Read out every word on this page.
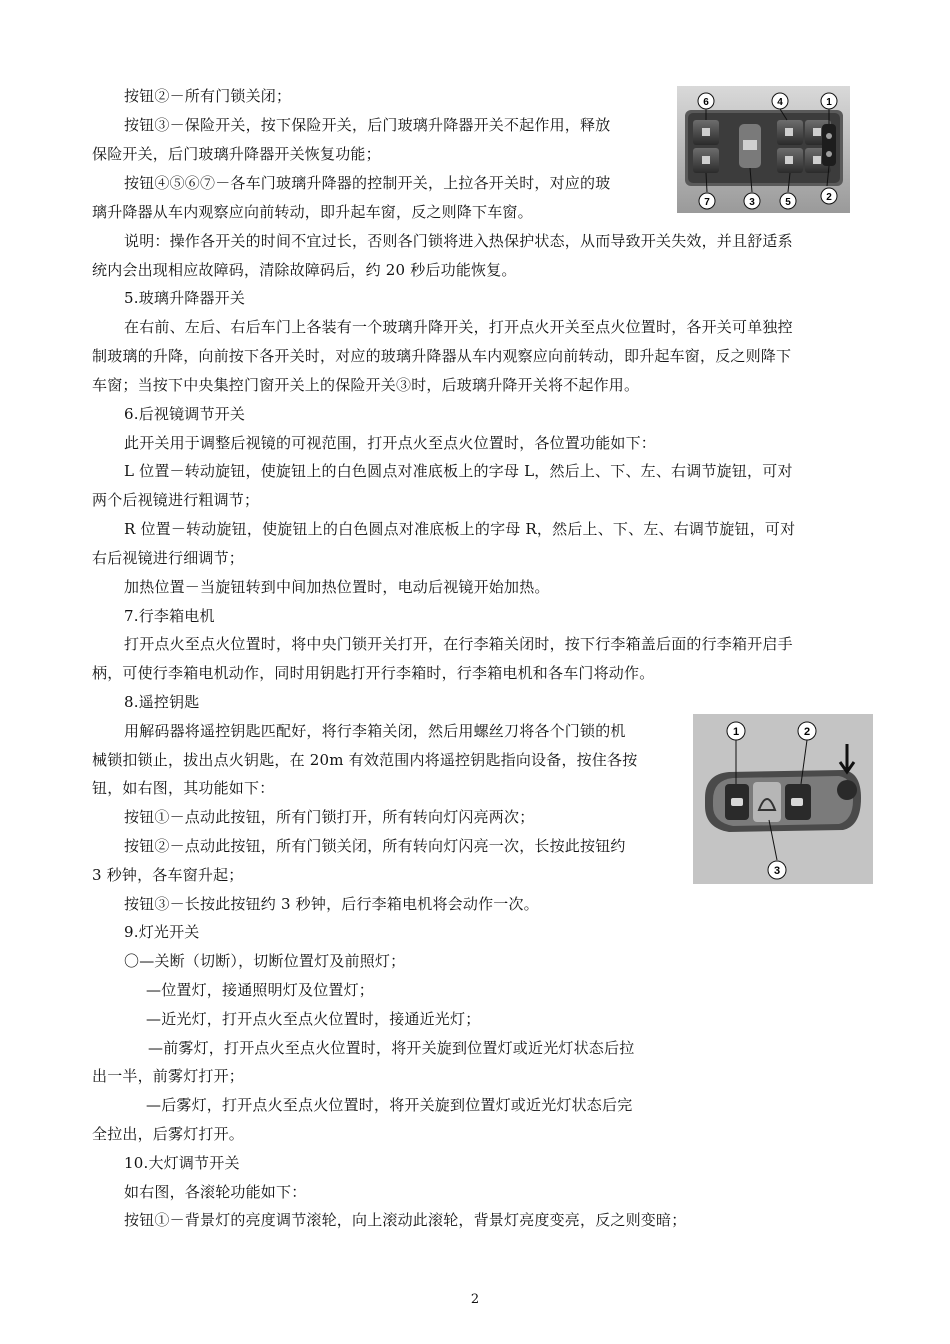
按钮②－所有门锁关闭；
按钮③－保险开关，按下保险开关，后门玻璃升降器开关不起作用，释放
保险开关，后门玻璃升降器开关恢复功能；
按钮④⑤⑥⑦－各车门玻璃升降器的控制开关，上拉各开关时，对应的玻
璃升降器从车内观察应向前转动，即升起车窗，反之则降下车窗。
说明：操作各开关的时间不宜过长，否则各门锁将进入热保护状态，从而导致开关失效，并且舒适系
统内会出现相应故障码，清除故障码后，约 20 秒后功能恢复。
5.玻璃升降器开关
在右前、左后、右后车门上各装有一个玻璃升降开关，打开点火开关至点火位置时，各开关可单独控
制玻璃的升降，向前按下各开关时，对应的玻璃升降器从车内观察应向前转动，即升起车窗，反之则降下
车窗；当按下中央集控门窗开关上的保险开关③时，后玻璃升降开关将不起作用。
6.后视镜调节开关
此开关用于调整后视镜的可视范围，打开点火至点火位置时，各位置功能如下：
L 位置－转动旋钮，使旋钮上的白色圆点对准底板上的字母 L，然后上、下、左、右调节旋钮，可对
两个后视镜进行粗调节；
R 位置－转动旋钮，使旋钮上的白色圆点对准底板上的字母 R，然后上、下、左、右调节旋钮，可对
右后视镜进行细调节；
加热位置－当旋钮转到中间加热位置时，电动后视镜开始加热。
7.行李箱电机
打开点火至点火位置时，将中央门锁开关打开，在行李箱关闭时，按下行李箱盖后面的行李箱开启手
柄，可使行李箱电机动作，同时用钥匙打开行李箱时，行李箱电机和各车门将动作。
8.遥控钥匙
用解码器将遥控钥匙匹配好，将行李箱关闭，然后用螺丝刀将各个门锁的机
械锁扣锁止，拔出点火钥匙，在 20m 有效范围内将遥控钥匙指向设备，按住各按
钮，如右图，其功能如下：
按钮①－点动此按钮，所有门锁打开，所有转向灯闪亮两次；
按钮②－点动此按钮，所有门锁关闭，所有转向灯闪亮一次，长按此按钮约
3 秒钟，各车窗升起；
按钮③－长按此按钮约 3 秒钟，后行李箱电机将会动作一次。
9.灯光开关
〇—关断（切断），切断位置灯及前照灯；
—位置灯，接通照明灯及位置灯；
—近光灯，打开点火至点火位置时，接通近光灯；
—前雾灯，打开点火至点火位置时，将开关旋到位置灯或近光灯状态后拉
出一半，前雾灯打开；
—后雾灯，打开点火至点火位置时，将开关旋到位置灯或近光灯状态后完
全拉出，后雾灯打开。
10.大灯调节开关
如右图，各滚轮功能如下：
按钮①－背景灯的亮度调节滚轮，向上滚动此滚轮，背景灯亮度变亮，反之则变暗；
6	4	1
2
7	3	5
1	2
3
2
